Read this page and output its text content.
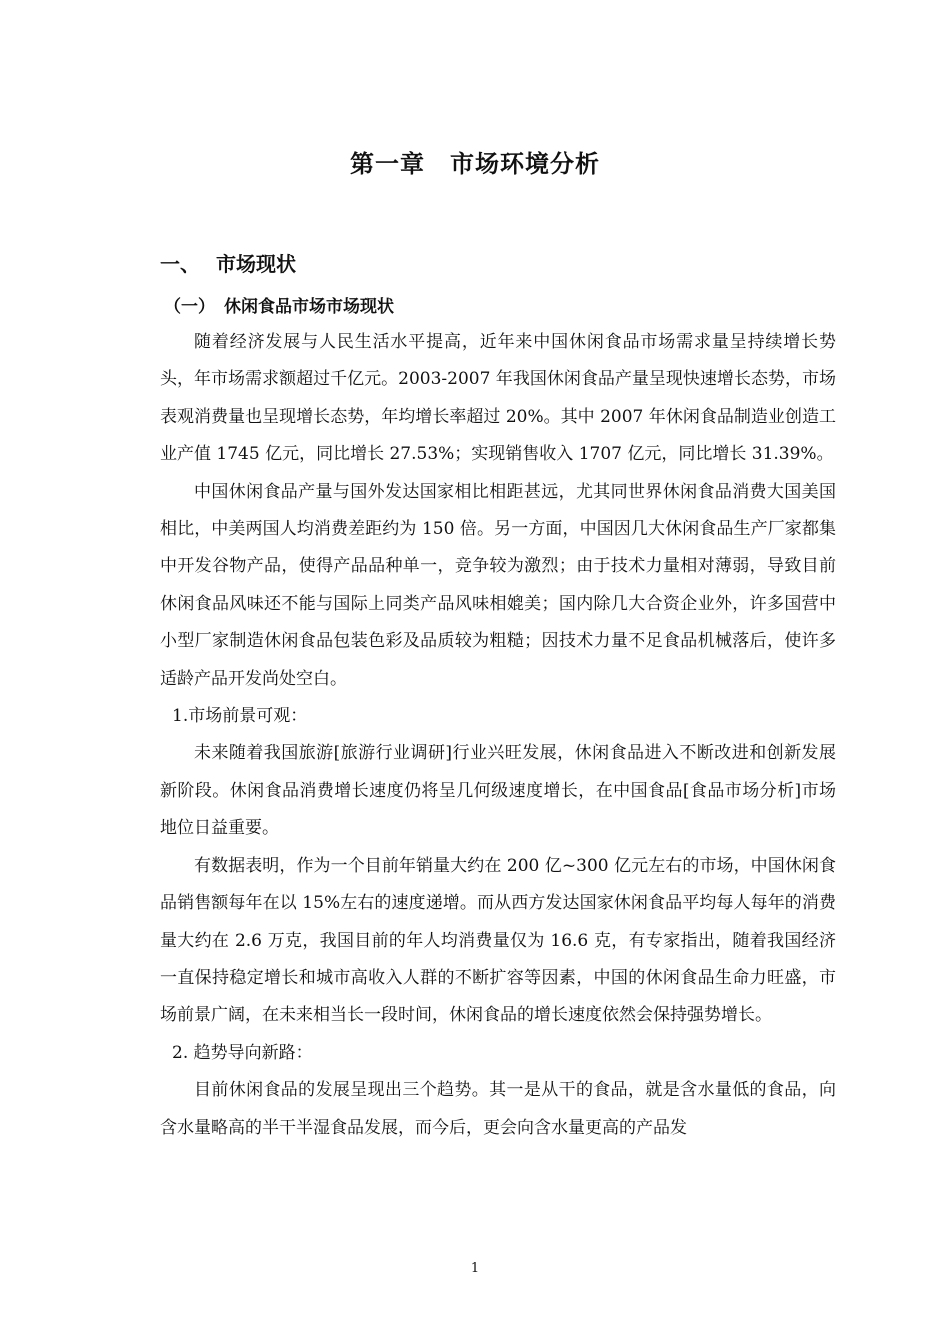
第一章　市场环境分析
一、 市场现状
（一） 休闲食品市场市场现状

随着经济发展与人民生活水平提高，近年来中国休闲食品市场需求量呈持续增长势头，年市场需求额超过千亿元。2003-2007 年我国休闲食品产量呈现快速增长态势，市场表观消费量也呈现增长态势，年均增长率超过 20%。其中 2007 年休闲食品制造业创造工业产值 1745 亿元，同比增长 27.53%；实现销售收入 1707 亿元，同比增长 31.39%。

中国休闲食品产量与国外发达国家相比相距甚远，尤其同世界休闲食品消费大国美国相比，中美两国人均消费差距约为 150 倍。另一方面，中国因几大休闲食品生产厂家都集中开发谷物产品，使得产品品种单一，竞争较为激烈；由于技术力量相对薄弱，导致目前休闲食品风味还不能与国际上同类产品风味相媲美；国内除几大合资企业外，许多国营中小型厂家制造休闲食品包装色彩及品质较为粗糙；因技术力量不足食品机械落后，使许多适龄产品开发尚处空白。

1.市场前景可观：

未来随着我国旅游[旅游行业调研]行业兴旺发展，休闲食品进入不断改进和创新发展新阶段。休闲食品消费增长速度仍将呈几何级速度增长，在中国食品[食品市场分析]市场地位日益重要。

有数据表明，作为一个目前年销量大约在 200 亿~300 亿元左右的市场，中国休闲食品销售额每年在以 15%左右的速度递增。而从西方发达国家休闲食品平均每人每年的消费量大约在 2.6 万克，我国目前的年人均消费量仅为 16.6 克，有专家指出，随着我国经济一直保持稳定增长和城市高收入人群的不断扩容等因素，中国的休闲食品生命力旺盛，市场前景广阔，在未来相当长一段时间，休闲食品的增长速度依然会保持强势增长。

2. 趋势导向新路：

目前休闲食品的发展呈现出三个趋势。其一是从干的食品，就是含水量低的食品，向含水量略高的半干半湿食品发展，而今后，更会向含水量更高的产品发

1
